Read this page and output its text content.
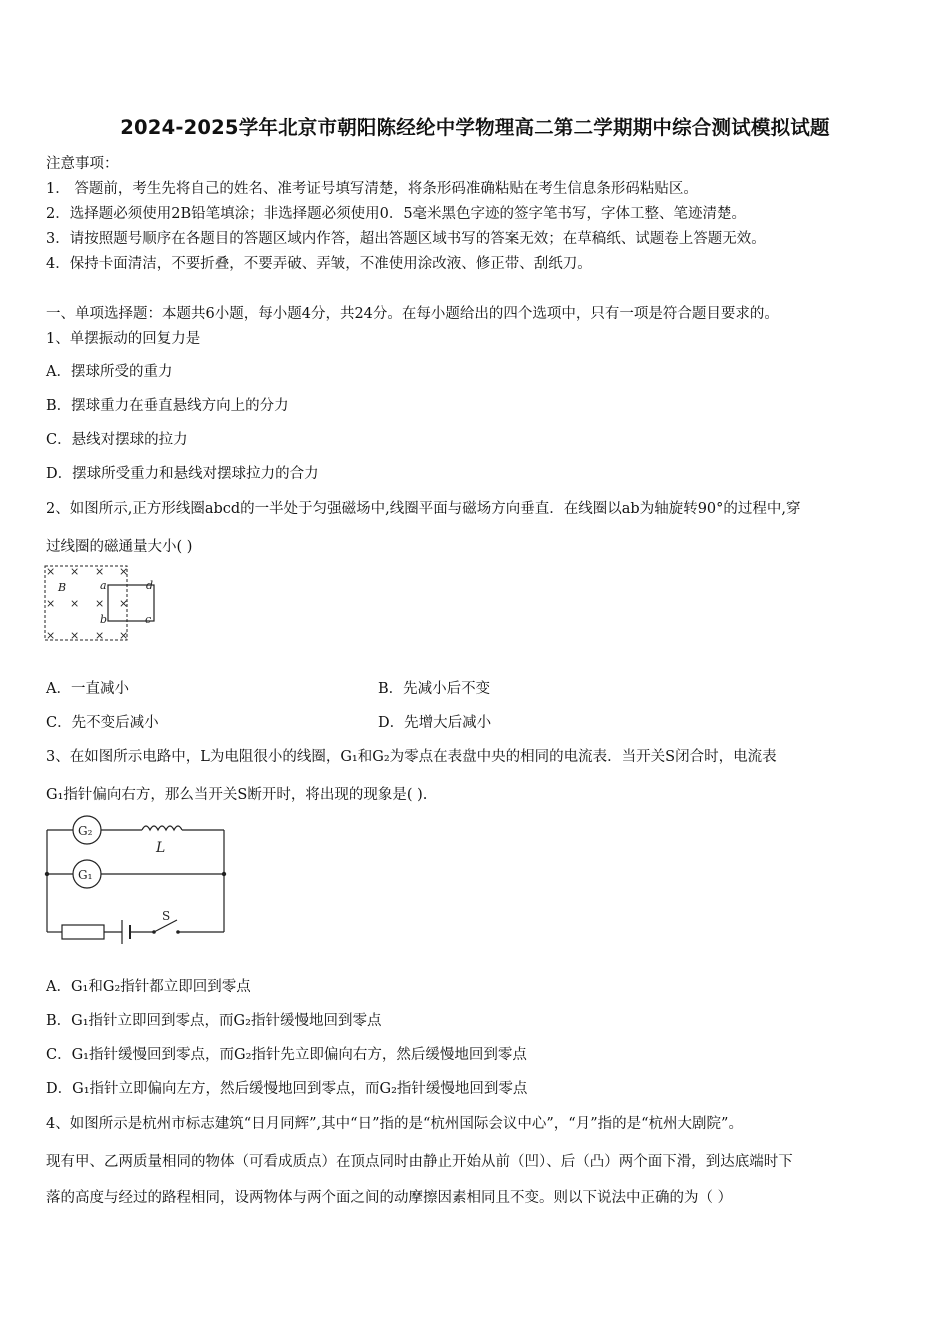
2024-2025学年北京市朝阳陈经纶中学物理高二第二学期期中综合测试模拟试题
注意事项：
1． 答题前，考生先将自己的姓名、准考证号填写清楚，将条形码准确粘贴在考生信息条形码粘贴区。
2．选择题必须使用2B铅笔填涂；非选择题必须使用0．5毫米黑色字迹的签字笔书写，字体工整、笔迹清楚。
3．请按照题号顺序在各题目的答题区域内作答，超出答题区域书写的答案无效；在草稿纸、试题卷上答题无效。
4．保持卡面清洁，不要折叠，不要弄破、弄皱，不准使用涂改液、修正带、刮纸刀。
一、单项选择题：本题共6小题，每小题4分，共24分。在每小题给出的四个选项中，只有一项是符合题目要求的。
1、单摆振动的回复力是
A．摆球所受的重力
B．摆球重力在垂直悬线方向上的分力
C．悬线对摆球的拉力
D．摆球所受重力和悬线对摆球拉力的合力
2、如图所示,正方形线圈abcd的一半处于匀强磁场中,线圈平面与磁场方向垂直．在线圈以ab为轴旋转90°的过程中,穿
过线圈的磁通量大小( )
× × × ×
× × × ×
× × × ×
B	a
b	c
d
A．一直减小	B．先减小后不变
C．先不变后减小	D．先增大后减小
3、在如图所示电路中，L为电阻很小的线圈，G₁和G₂为零点在表盘中央的相同的电流表．当开关S闭合时，电流表
G₁指针偏向右方，那么当开关S断开时，将出现的现象是( ).
G₂
G₁
L
S
A．G₁和G₂指针都立即回到零点
B．G₁指针立即回到零点，而G₂指针缓慢地回到零点
C．G₁指针缓慢回到零点，而G₂指针先立即偏向右方，然后缓慢地回到零点
D．G₁指针立即偏向左方，然后缓慢地回到零点，而G₂指针缓慢地回到零点
4、如图所示是杭州市标志建筑“日月同辉”,其中“日”指的是“杭州国际会议中心”，“月”指的是“杭州大剧院”。
现有甲、乙两质量相同的物体（可看成质点）在顶点同时由静止开始从前（凹）、后（凸）两个面下滑，到达底端时下
落的高度与经过的路程相同，设两物体与两个面之间的动摩擦因素相同且不变。则以下说法中正确的为（ ）
